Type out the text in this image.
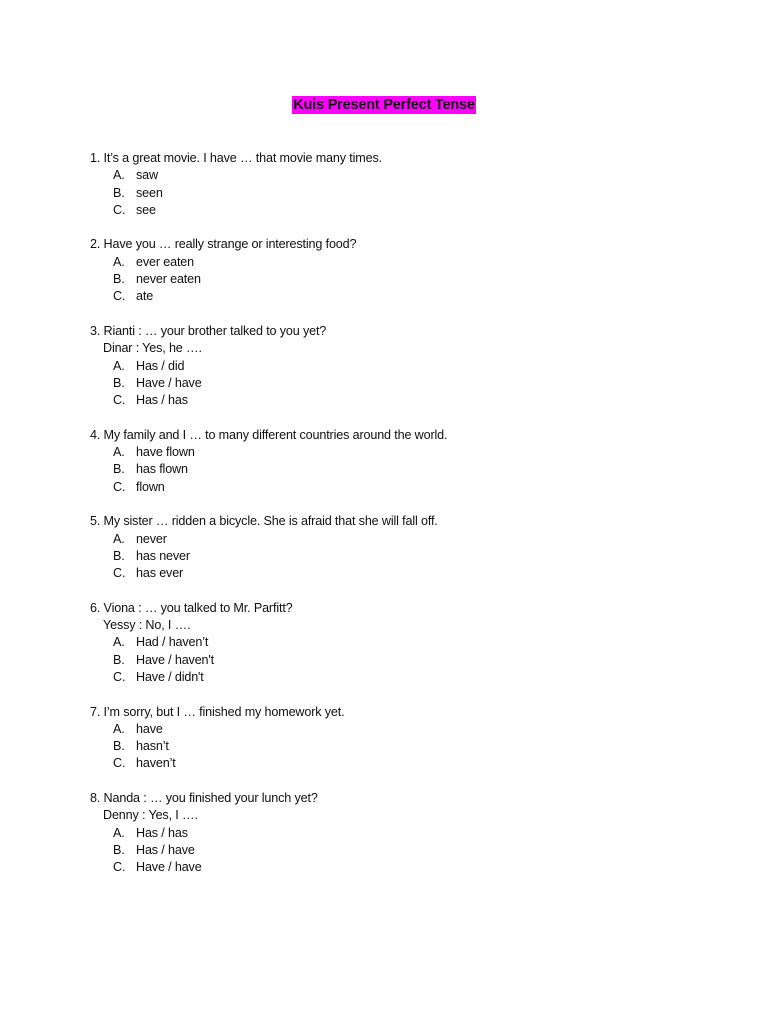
Kuis Present Perfect Tense
1. It’s a great movie. I have … that movie many times.
A. saw
B. seen
C. see
2. Have you … really strange or interesting food?
A. ever eaten
B. never eaten
C. ate
3. Rianti : … your brother talked to you yet?
Dinar : Yes, he ….
A. Has / did
B. Have / have
C. Has / has
4. My family and I … to many different countries around the world.
A. have flown
B. has flown
C. flown
5. My sister … ridden a bicycle. She is afraid that she will fall off.
A. never
B. has never
C. has ever
6. Viona : … you talked to Mr. Parfitt?
Yessy : No, I ….
A. Had / haven’t
B. Have / haven't
C. Have / didn't
7. I’m sorry, but I … finished my homework yet.
A. have
B. hasn’t
C. haven’t
8. Nanda : … you finished your lunch yet?
Denny : Yes, I ….
A. Has / has
B. Has / have
C. Have / have
